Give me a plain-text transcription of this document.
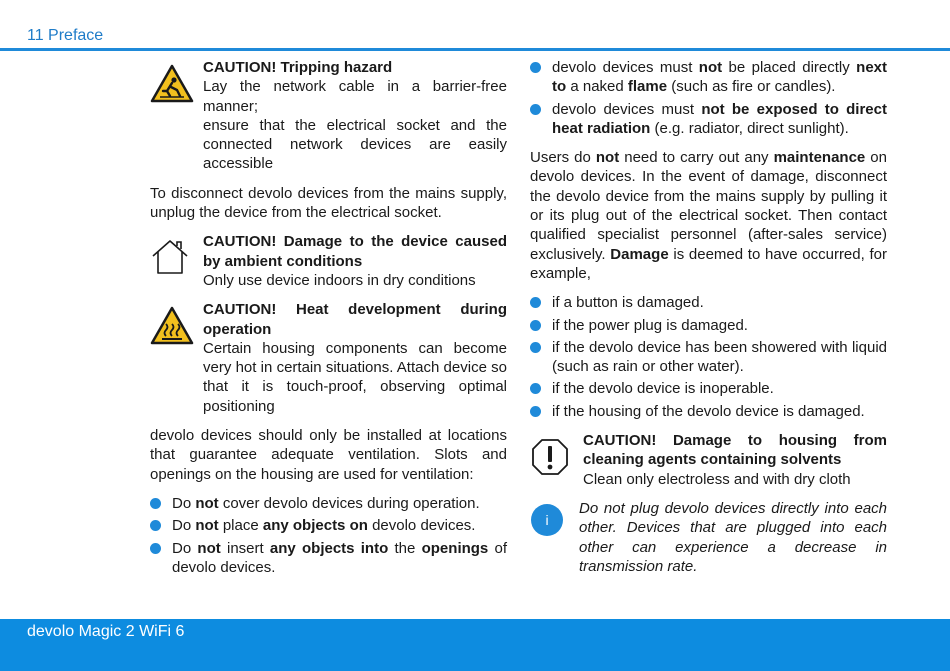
11 Preface
CAUTION! Tripping hazard
Lay the network cable in a barrier-free manner;
ensure that the electrical socket and the connected network devices are easily accessible

To disconnect devolo devices from the mains supply, unplug the device from the electrical socket.

CAUTION! Damage to the device caused by ambient conditions
Only use device indoors in dry conditions
CAUTION! Heat development during operation
Certain housing components can become very hot in certain situations. Attach device so that it is touch-proof, observing optimal positioning

devolo devices should only be installed at locations that guarantee adequate ventilation. Slots and openings on the housing are used for ventilation:

Do not cover devolo devices during operation.
Do not place any objects on devolo devices.
Do not insert any objects into the openings of devolo devices.
devolo devices must not be placed directly next to a naked flame (such as fire or candles).
devolo devices must not be exposed to direct heat radiation (e.g. radiator, direct sunlight).

Users do not need to carry out any maintenance on devolo devices. In the event of damage, disconnect the devolo device from the mains supply by pulling it or its plug out of the electrical socket. Then contact qualified specialist personnel (after-sales service) exclusively. Damage is deemed to have occurred, for example,

if a button is damaged.
if the power plug is damaged.
if the devolo device has been showered with liquid (such as rain or other water).
if the devolo device is inoperable.
if the housing of the devolo device is damaged.
CAUTION! Damage to housing from cleaning agents containing solvents
Clean only electroless and with dry cloth
i
Do not plug devolo devices directly into each other. Devices that are plugged into each other can experience a decrease in transmission rate.
devolo Magic 2 WiFi 6
